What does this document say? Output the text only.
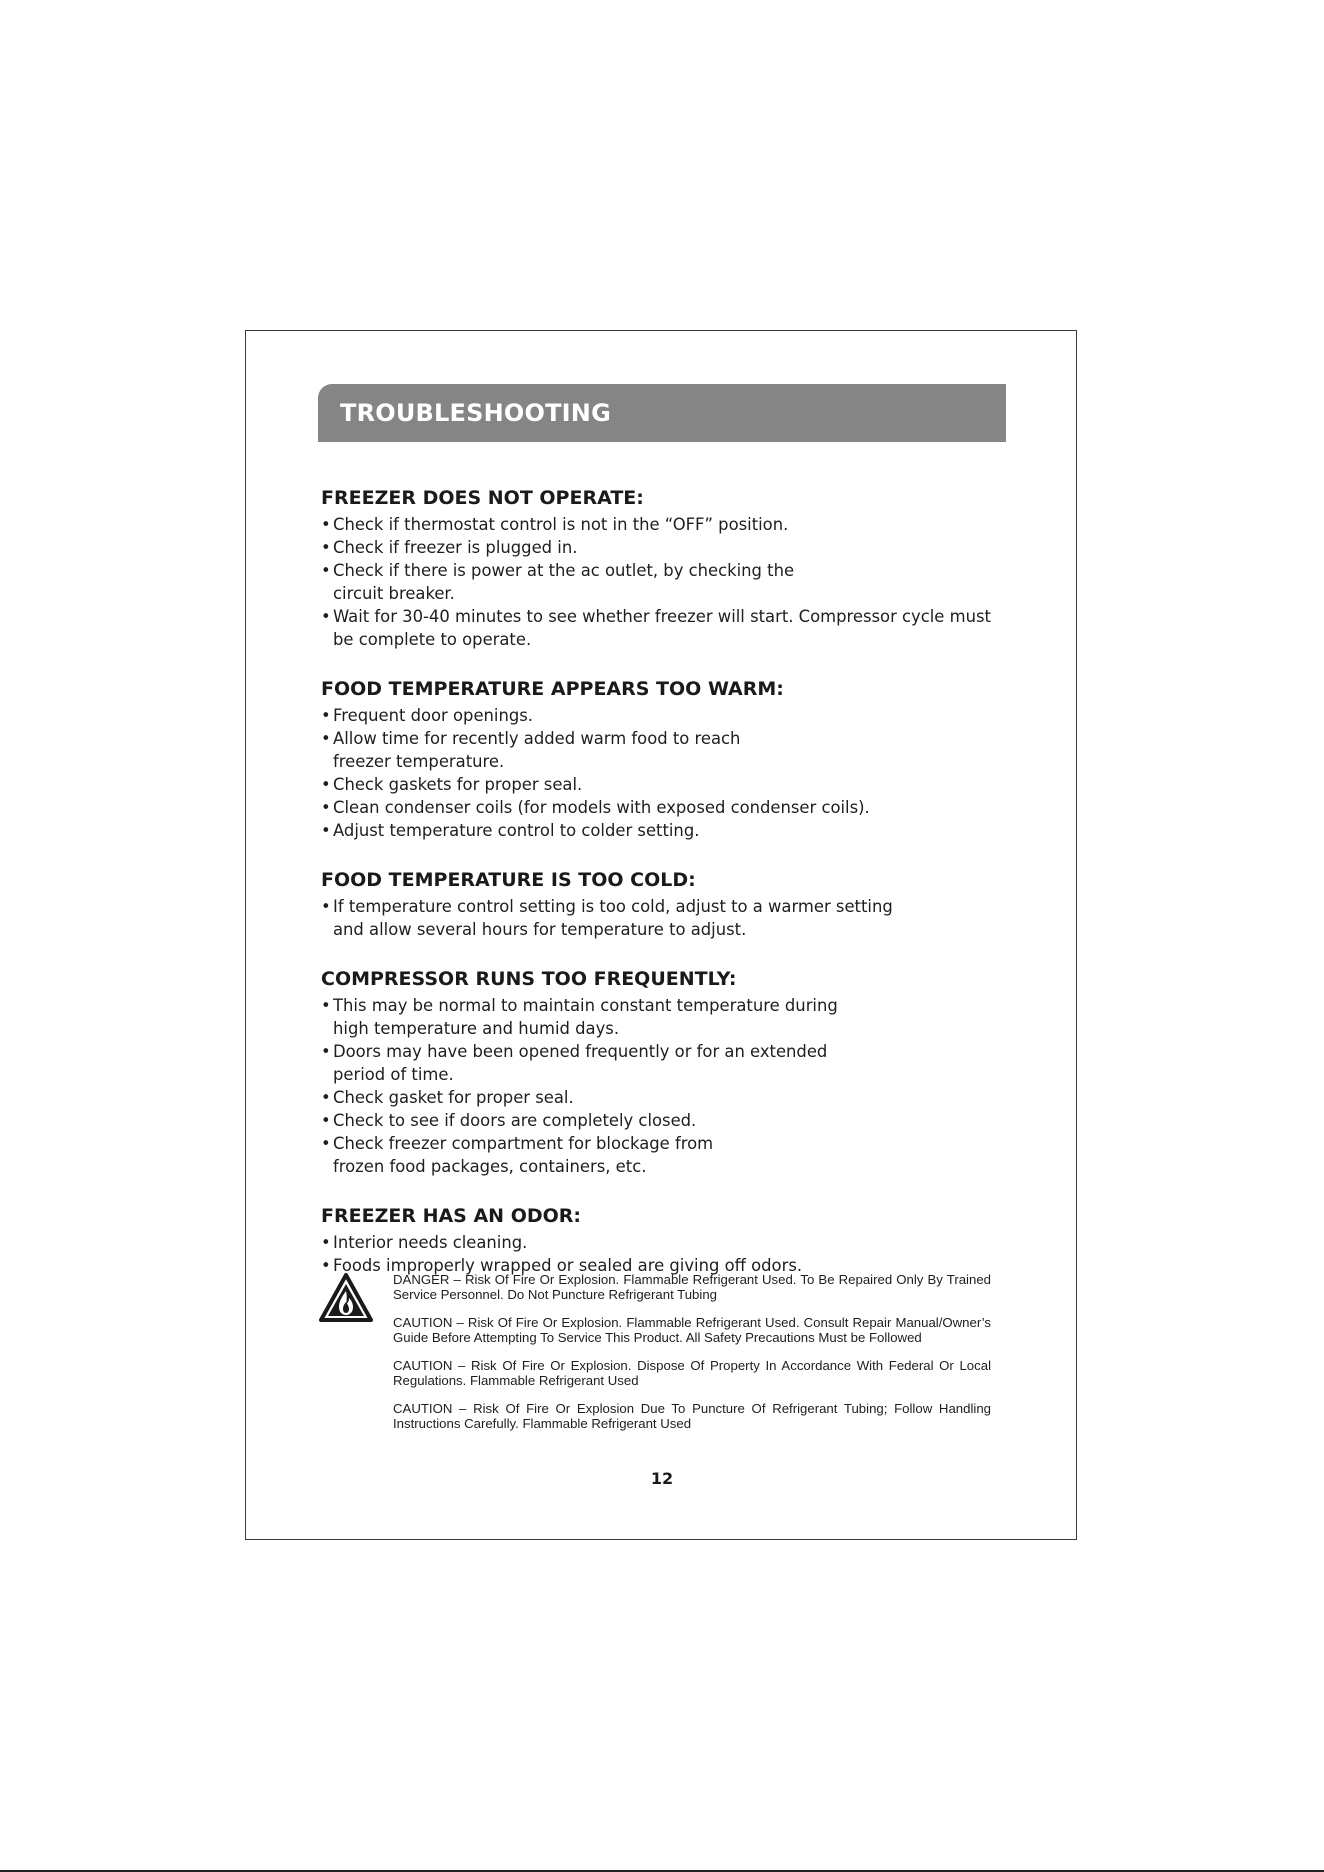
TROUBLESHOOTING
FREEZER DOES NOT OPERATE:
• Check if thermostat control is not in the “OFF” position.
• Check if freezer is plugged in.
• Check if there is power at the ac outlet, by checking the circuit breaker.
• Wait for 30-40 minutes to see whether freezer will start. Compressor cycle must be complete to operate.
FOOD TEMPERATURE APPEARS TOO WARM:
• Frequent door openings.
• Allow time for recently added warm food to reach freezer temperature.
• Check gaskets for proper seal.
• Clean condenser coils (for models with exposed condenser coils).
• Adjust temperature control to colder setting.
FOOD TEMPERATURE IS TOO COLD:
• If temperature control setting is too cold, adjust to a warmer setting and allow several hours for temperature to adjust.
COMPRESSOR RUNS TOO FREQUENTLY:
• This may be normal to maintain constant temperature during high temperature and humid days.
• Doors may have been opened frequently or for an extended period of time.
• Check gasket for proper seal.
• Check to see if doors are completely closed.
• Check freezer compartment for blockage from frozen food packages, containers, etc.
FREEZER HAS AN ODOR:
• Interior needs cleaning.
• Foods improperly wrapped or sealed are giving off odors.

DANGER – Risk Of Fire Or Explosion. Flammable Refrigerant Used. To Be Repaired Only By Trained Service Personnel. Do Not Puncture Refrigerant Tubing

CAUTION – Risk Of Fire Or Explosion. Flammable Refrigerant Used. Consult Repair Manual/Owner’s Guide Before Attempting To Service This Product. All Safety Precautions Must be Followed

CAUTION – Risk Of Fire Or Explosion. Dispose Of Property In Accordance With Federal Or Local Regulations. Flammable Refrigerant Used

CAUTION – Risk Of Fire Or Explosion Due To Puncture Of Refrigerant Tubing; Follow Handling Instructions Carefully. Flammable Refrigerant Used

12
